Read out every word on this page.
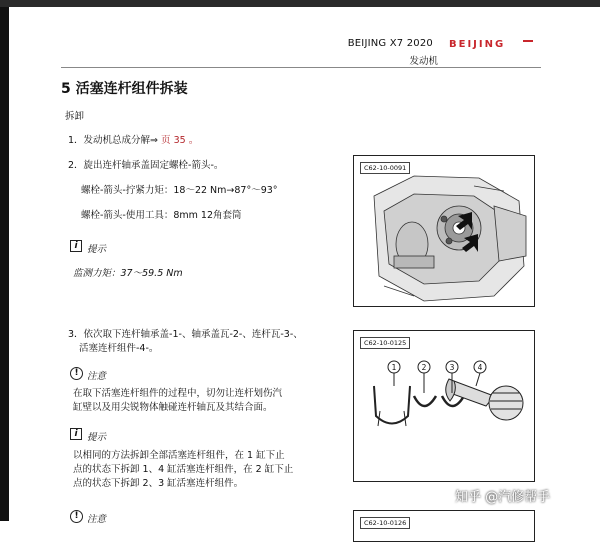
BEIJING X7 2020 BEIJING
发动机
5 活塞连杆组件拆装
拆卸
1．发动机总成分解⇒ 页 35 。
2．旋出连杆轴承盖固定螺栓-箭头-。
螺栓-箭头-拧紧力矩：18～22 Nm→87°～93°
螺栓-箭头-使用工具：8mm 12角套筒
i 提示
监测力矩：37～59.5 Nm
3．依次取下连杆轴承盖-1-、轴承盖瓦-2-、连杆瓦-3-、
活塞连杆组件-4-。
! 注意
在取下活塞连杆组件的过程中，切勿让连杆划伤汽
缸壁以及用尖锐物体触碰连杆轴瓦及其结合面。
i 提示
以相同的方法拆卸全部活塞连杆组件，在 1 缸下止
点的状态下拆卸 1、4 缸活塞连杆组件，在 2 缸下止
点的状态下拆卸 2、3 缸活塞连杆组件。
! 注意
C62-10-0091
1	2	3	4
C62-10-0125
C62-10-0126
知乎 @汽修帮手
